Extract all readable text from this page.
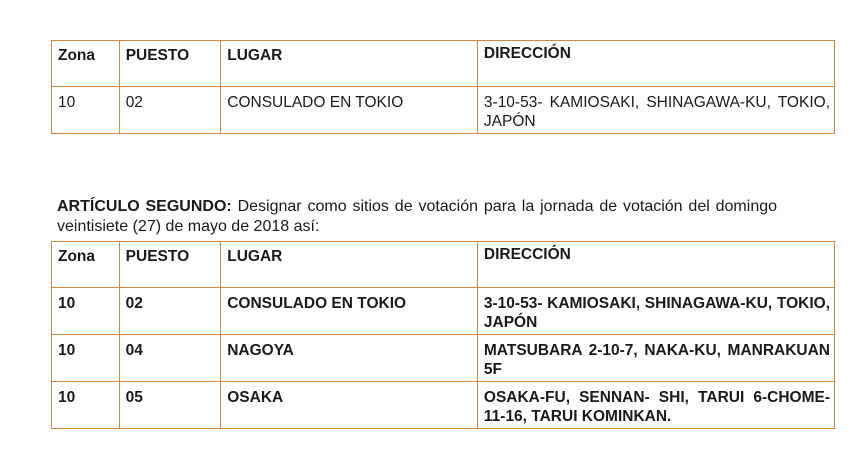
Zona	PUESTO	LUGAR	DIRECCIÓN
10	02	CONSULADO EN TOKIO	3-10-53- KAMIOSAKI, SHINAGAWA-KU, TOKIO, JAPÓN

ARTÍCULO SEGUNDO: Designar como sitios de votación para la jornada de votación del domingo veintisiete (27) de mayo de 2018 así:

Zona	PUESTO	LUGAR	DIRECCIÓN
10	02	CONSULADO EN TOKIO	3-10-53- KAMIOSAKI, SHINAGAWA-KU, TOKIO, JAPÓN
10	04	NAGOYA	MATSUBARA 2-10-7, NAKA-KU, MANRAKUAN 5F
10	05	OSAKA	OSAKA-FU, SENNAN- SHI, TARUI 6-CHOME-11-16, TARUI KOMINKAN.
